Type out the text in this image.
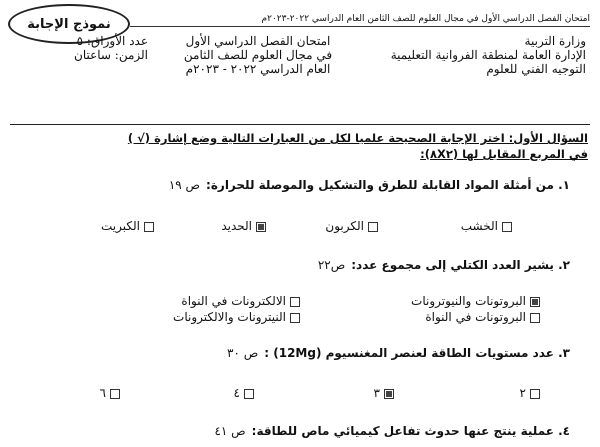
نموذج الإجابة	امتحان الفصل الدراسي الأول في مجال العلوم للصف الثامن العام الدراسي ٢٠٢٢-٢٠٢٣م
وزارة التربية
الإدارة العامة لمنطقة الفروانية التعليمية
التوجيه الفني للعلوم
امتحان الفصل الدراسي الأول
في مجال العلوم للصف الثامن
العام الدراسي ٢٠٢٢ - ٢٠٢٣م
عدد الأوراق: ٥
الزمن: ساعتان
السؤال الأول: اختر الإجابة الصحيحة علميا لكل من العبارات التالية وضع إشارة (√ )
في المربع المقابل لها (٨X٢):
١. من أمثلة المواد القابلة للطرق والتشكيل والموصلة للحرارة:ص ١٩
الخشب
الكربون
الحديد
الكبريت
٢. يشير العدد الكتلي إلى مجموع عدد:ص٢٢
البروتونات والنيوترونات
الالكترونات في النواة
البروتونات في النواة
النيترونات والالكترونات
٣. عدد مستويات الطاقة لعنصر المغنسيوم (12Mg) :ص ٣٠
٢
٣
٤
٦
٤. عملية ينتج عنها حدوث تفاعل كيميائي ماص للطاقة:ص ٤١
